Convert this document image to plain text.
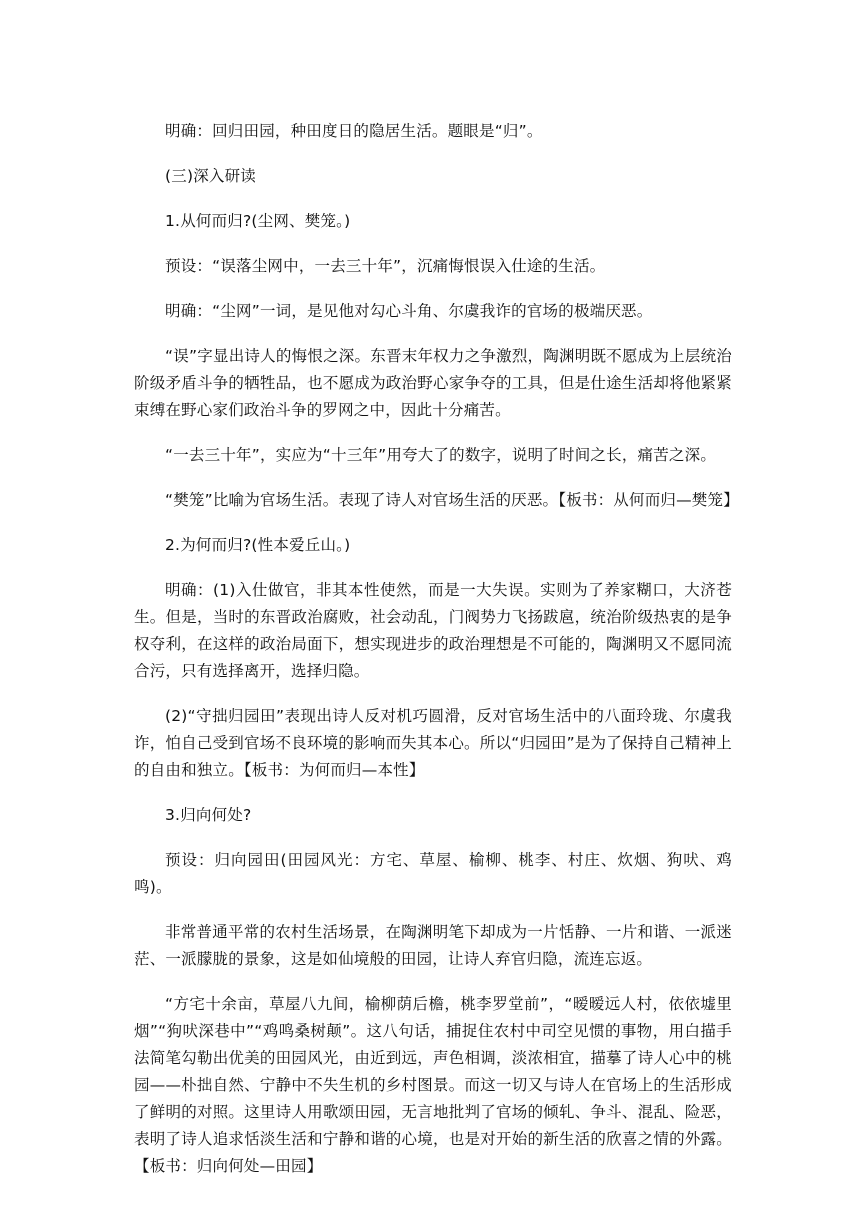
明确：回归田园，种田度日的隐居生活。题眼是“归”。

(三)深入研读

1.从何而归?(尘网、樊笼。)

预设：“误落尘网中，一去三十年”，沉痛悔恨误入仕途的生活。

明确：“尘网”一词，是见他对勾心斗角、尔虞我诈的官场的极端厌恶。

“误”字显出诗人的悔恨之深。东晋末年权力之争激烈，陶渊明既不愿成为上层统治阶级矛盾斗争的牺牲品，也不愿成为政治野心家争夺的工具，但是仕途生活却将他紧紧束缚在野心家们政治斗争的罗网之中，因此十分痛苦。

“一去三十年”，实应为“十三年”用夸大了的数字，说明了时间之长，痛苦之深。

“樊笼”比喻为官场生活。表现了诗人对官场生活的厌恶。【板书：从何而归—樊笼】

2.为何而归?(性本爱丘山。)

明确：(1)入仕做官，非其本性使然，而是一大失误。实则为了养家糊口，大济苍生。但是，当时的东晋政治腐败，社会动乱，门阀势力飞扬跋扈，统治阶级热衷的是争权夺利，在这样的政治局面下，想实现进步的政治理想是不可能的，陶渊明又不愿同流合污，只有选择离开，选择归隐。

(2)“守拙归园田”表现出诗人反对机巧圆滑，反对官场生活中的八面玲珑、尔虞我诈，怕自己受到官场不良环境的影响而失其本心。所以“归园田”是为了保持自己精神上的自由和独立。【板书：为何而归—本性】

3.归向何处?

预设：归向园田(田园风光：方宅、草屋、榆柳、桃李、村庄、炊烟、狗吠、鸡鸣)。

非常普通平常的农村生活场景，在陶渊明笔下却成为一片恬静、一片和谐、一派迷茫、一派朦胧的景象，这是如仙境般的田园，让诗人弃官归隐，流连忘返。

“方宅十余亩，草屋八九间，榆柳荫后檐，桃李罗堂前”，“暧暧远人村，依依墟里烟”“狗吠深巷中”“鸡鸣桑树颠”。这八句话，捕捉住农村中司空见惯的事物，用白描手法简笔勾勒出优美的田园风光，由近到远，声色相调，淡浓相宜，描摹了诗人心中的桃园——朴拙自然、宁静中不失生机的乡村图景。而这一切又与诗人在官场上的生活形成了鲜明的对照。这里诗人用歌颂田园，无言地批判了官场的倾轧、争斗、混乱、险恶，表明了诗人追求恬淡生活和宁静和谐的心境，也是对开始的新生活的欣喜之情的外露。【板书：归向何处—田园】
